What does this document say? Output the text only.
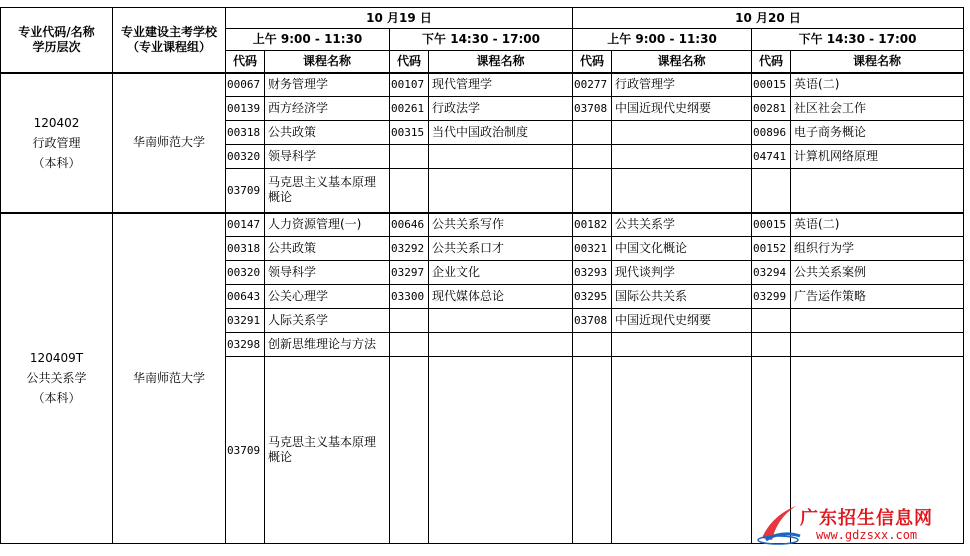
专业代码/名称
学历层次	专业建设主考学校
（专业课程组）	10 月19 日				10 月20 日			
		上午 9:00 - 11:30		下午 14:30 - 17:00		上午 9:00 - 11:30		下午 14:30 - 17:00	
		代码	课程名称	代码	课程名称	代码	课程名称	代码	课程名称

120402
行政管理
（本科）	华南师范大学	00067	财务管理学	00107	现代管理学	00277	行政管理学	00015	英语(二)
		00139	西方经济学	00261	行政法学	03708	中国近现代史纲要	00281	社区社会工作
		00318	公共政策	00315	当代中国政治制度			00896	电子商务概论
		00320	领导科学					04741	计算机网络原理
		03709	马克思主义基本原理概论						

120409T
公共关系学
（本科）	华南师范大学	00147	人力资源管理(一)	00646	公共关系写作	00182	公共关系学	00015	英语(二)
		00318	公共政策	03292	公共关系口才	00321	中国文化概论	00152	组织行为学
		00320	领导科学	03297	企业文化	03293	现代谈判学	03294	公共关系案例
		00643	公关心理学	03300	现代媒体总论	03295	国际公共关系	03299	广告运作策略
		03291	人际关系学			03708	中国近现代史纲要		
		03298	创新思维理论与方法						
		03709	马克思主义基本原理概论						
广东招生信息网
www.gdzsxx.com
